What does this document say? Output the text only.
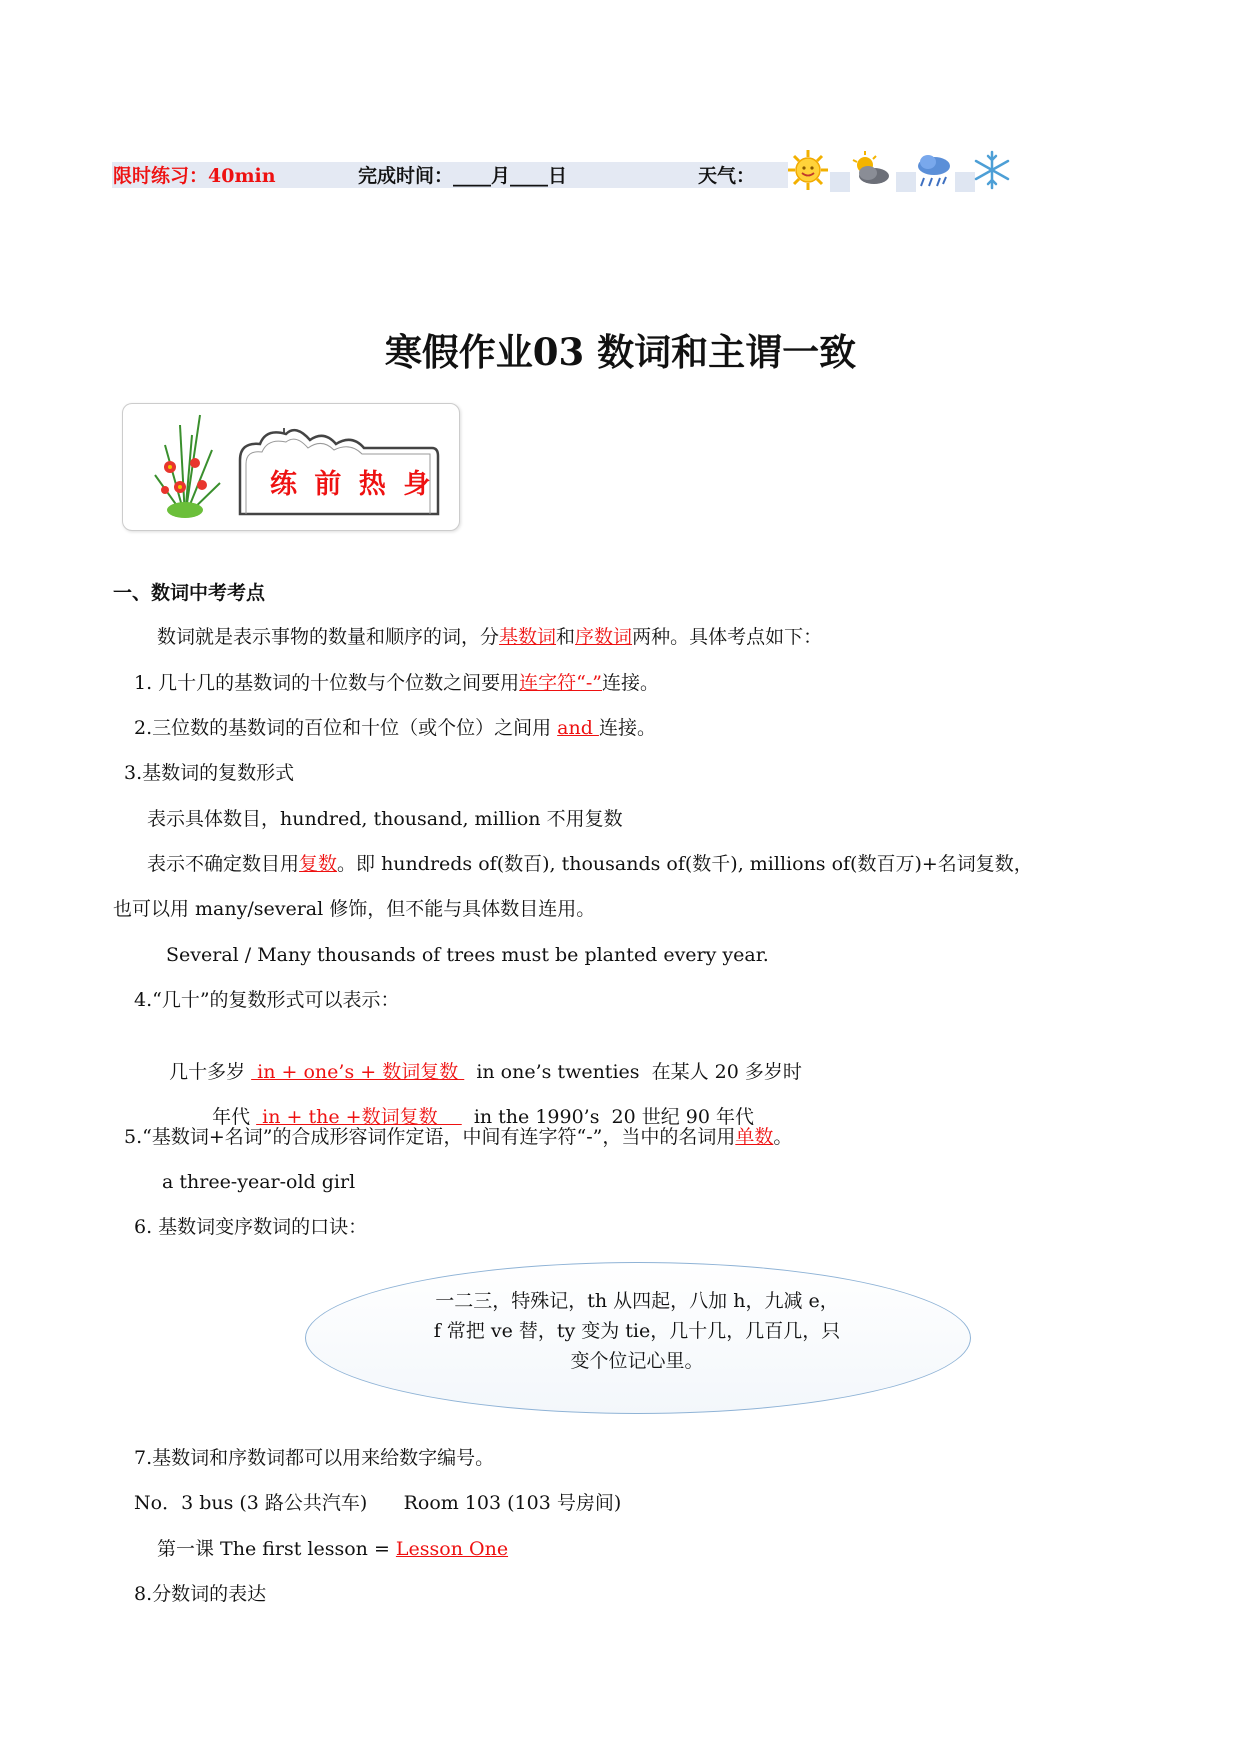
限时练习：40min	完成时间：____月____日	天气：
寒假作业03 数词和主谓一致
练 前 热 身
一、数词中考考点
数词就是表示事物的数量和顺序的词，分基数词和序数词两种。具体考点如下：
1. 几十几的基数词的十位数与个位数之间要用连字符“-”连接。
2.三位数的基数词的百位和十位（或个位）之间用 and 连接。
3.基数词的复数形式
表示具体数目，hundred, thousand, million 不用复数
表示不确定数目用复数。即 hundreds of(数百), thousands of(数千), millions of(数百万)+名词复数，
也可以用 many/several 修饰，但不能与具体数目连用。
Several / Many thousands of trees must be planted every year.
4.“几十”的复数形式可以表示：

几十多岁  in + one’s + 数词复数   in one’s twenties  在某人 20 多岁时

年代  in + the +数词复数      in the 1990’s  20 世纪 90 年代

5.“基数词+名词”的合成形容词作定语，中间有连字符“-”，当中的名词用单数。
a three-year-old girl
6. 基数词变序数词的口诀：
一二三，特殊记，th 从四起，八加 h，九减 e，
f 常把 ve 替，ty 变为 tie，几十几，几百几，只
变个位记心里。
7.基数词和序数词都可以用来给数字编号。
No．3 bus (3 路公共汽车)      Room 103 (103 号房间)
第一课 The first lesson = Lesson One
8.分数词的表达
